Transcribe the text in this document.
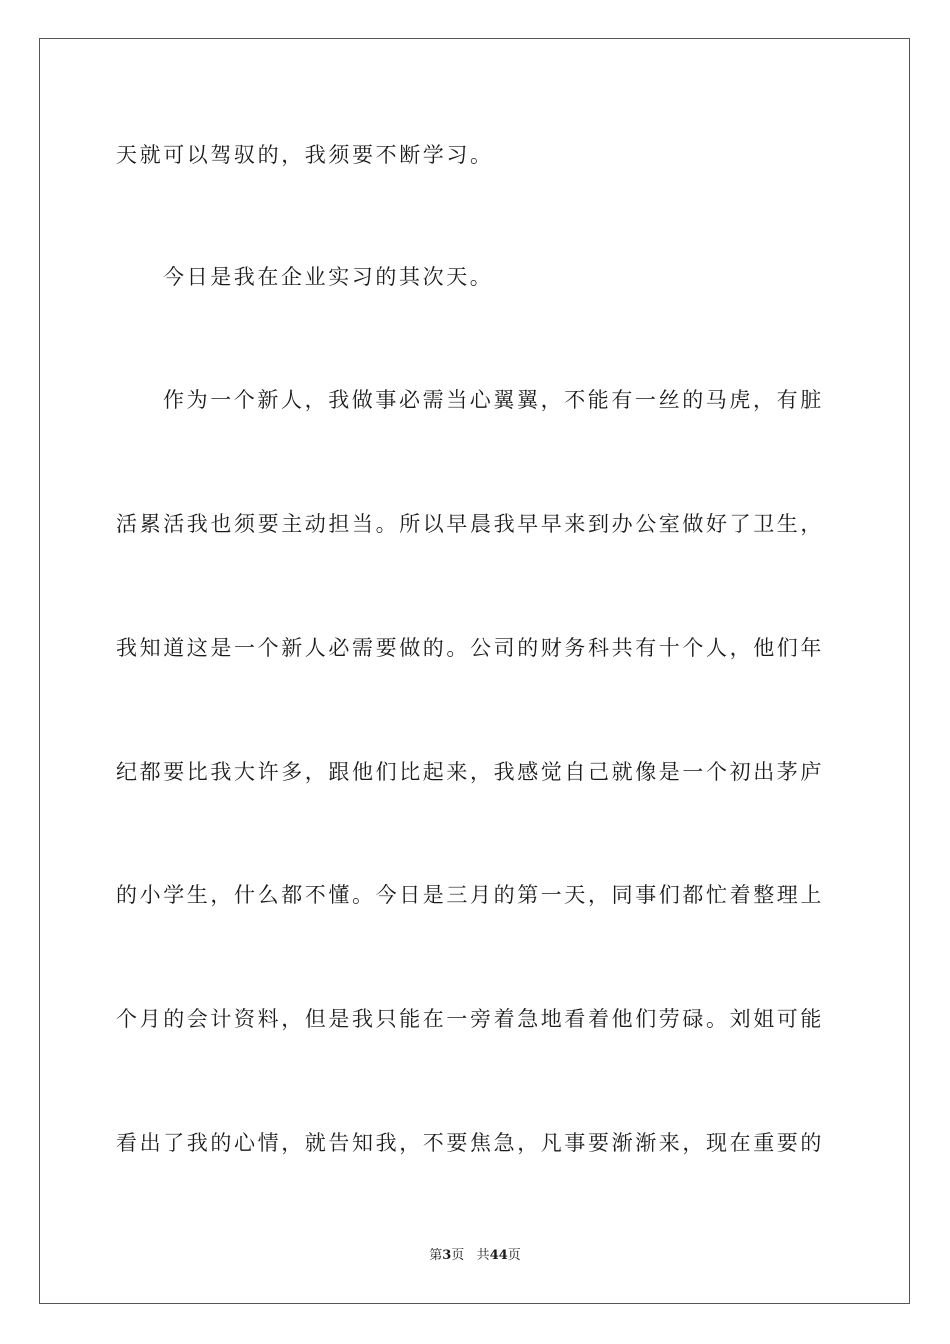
天就可以驾驭的，我须要不断学习。

今日是我在企业实习的其次天。

作为一个新人，我做事必需当心翼翼，不能有一丝的马虎，有脏

活累活我也须要主动担当。所以早晨我早早来到办公室做好了卫生，

我知道这是一个新人必需要做的。公司的财务科共有十个人，他们年

纪都要比我大许多，跟他们比起来，我感觉自己就像是一个初出茅庐

的小学生，什么都不懂。今日是三月的第一天，同事们都忙着整理上

个月的会计资料，但是我只能在一旁着急地看着他们劳碌。刘姐可能

看出了我的心情，就告知我，不要焦急，凡事要渐渐来，现在重要的

第3页 共44页
